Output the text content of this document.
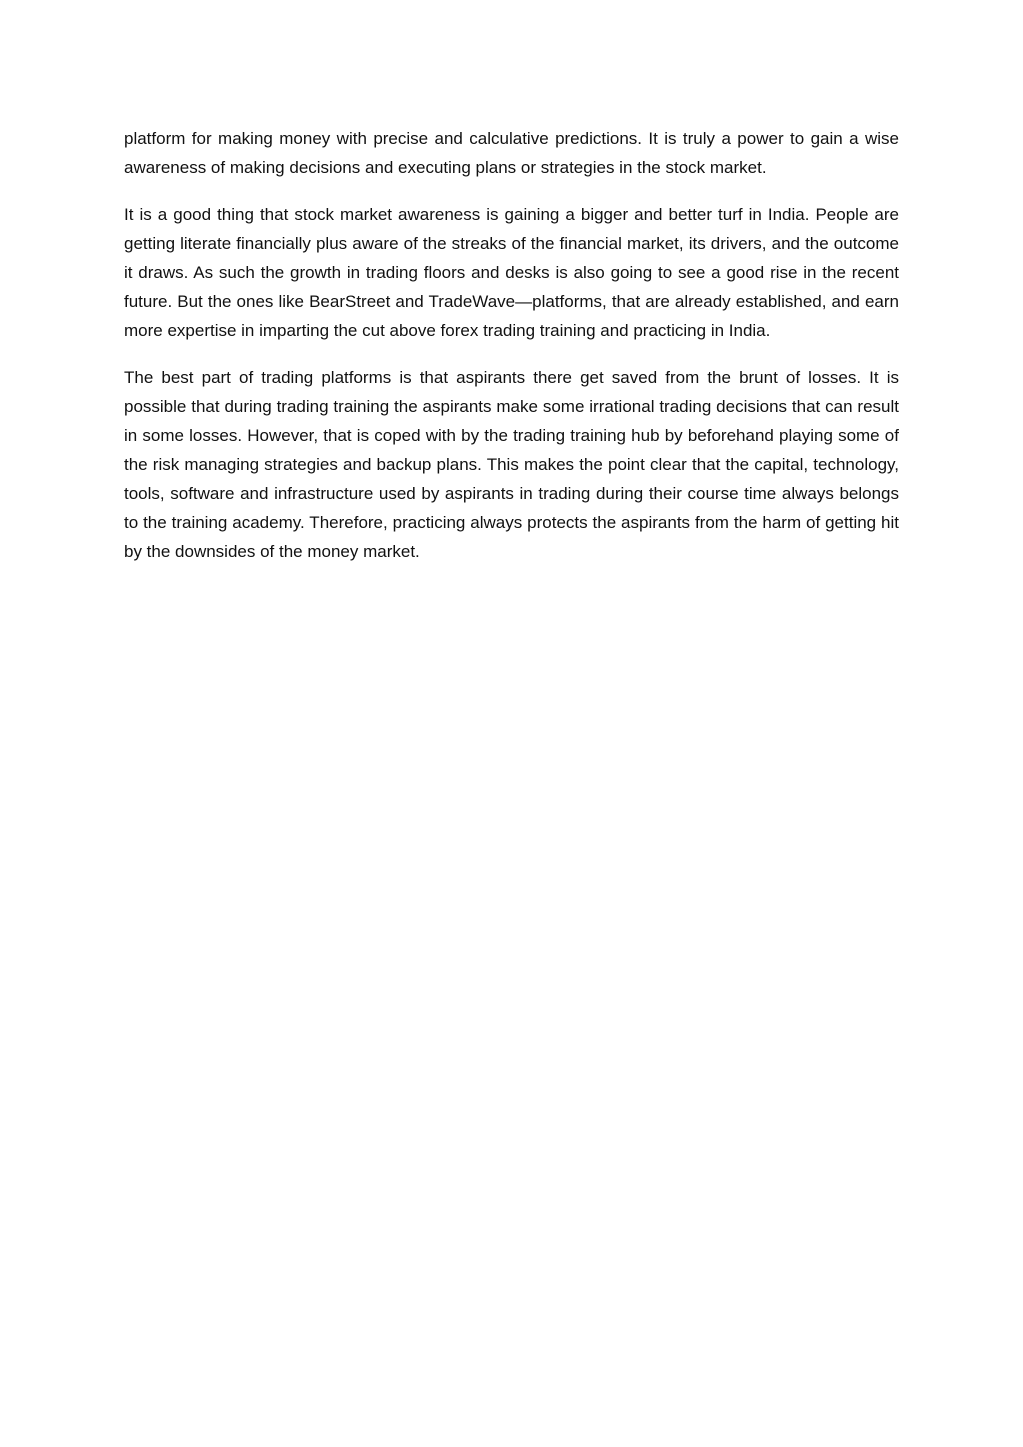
platform for making money with precise and calculative predictions. It is truly a power to gain a wise awareness of making decisions and executing plans or strategies in the stock market.

It is a good thing that stock market awareness is gaining a bigger and better turf in India. People are getting literate financially plus aware of the streaks of the financial market, its drivers, and the outcome it draws. As such the growth in trading floors and desks is also going to see a good rise in the recent future. But the ones like BearStreet and TradeWave—platforms, that are already established, and earn more expertise in imparting the cut above forex trading training and practicing in India.

The best part of trading platforms is that aspirants there get saved from the brunt of losses. It is possible that during trading training the aspirants make some irrational trading decisions that can result in some losses. However, that is coped with by the trading training hub by beforehand playing some of the risk managing strategies and backup plans. This makes the point clear that the capital, technology, tools, software and infrastructure used by aspirants in trading during their course time always belongs to the training academy. Therefore, practicing always protects the aspirants from the harm of getting hit by the downsides of the money market.
